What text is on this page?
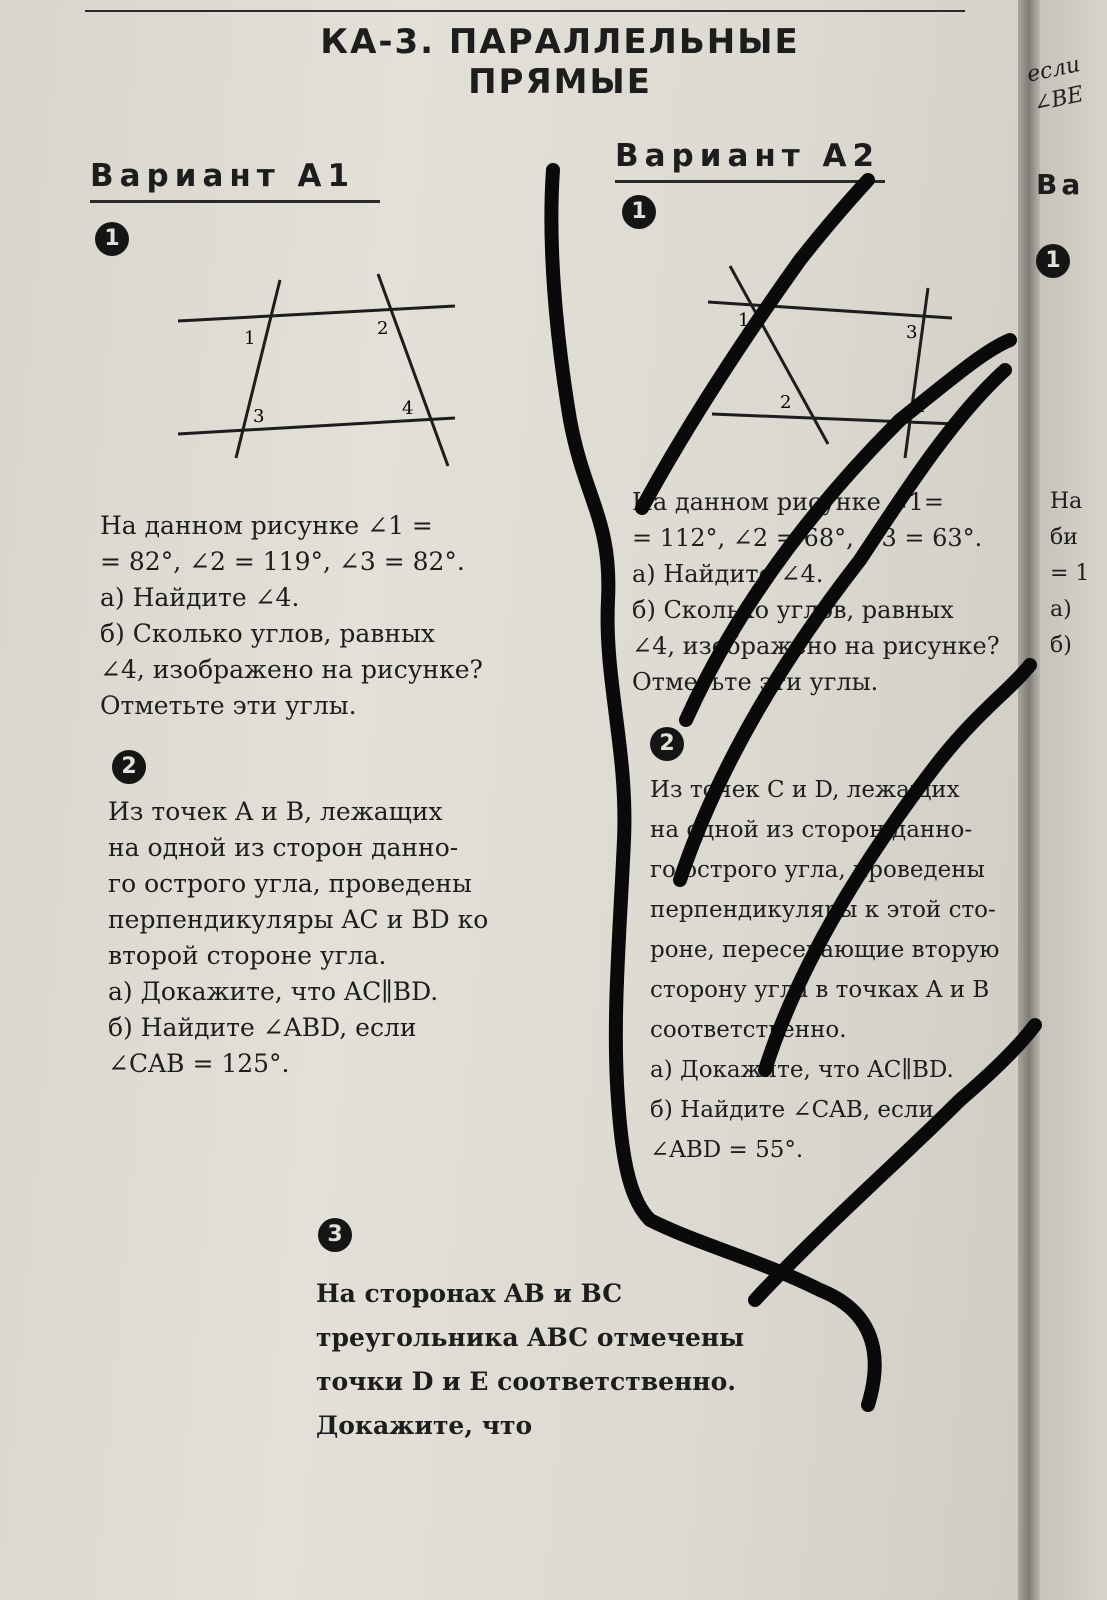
КА-3. ПАРАЛЛЕЛЬНЫЕ
ПРЯМЫЕ
Вариант А1
Вариант А2
1
1	2
3	4
На данном рисунке ∠1 =
= 82°, ∠2 = 119°, ∠3 = 82°.
а) Найдите ∠4.
б) Сколько углов, равных
∠4, изображено на рисунке?
Отметьте эти углы.
2
Из точек A и B, лежащих
на одной из сторон данно-
го острого угла, проведены
перпендикуляры AC и BD ко
второй стороне угла.
а) Докажите, что AC∥BD.
б) Найдите ∠ABD, если
∠CAB = 125°.
1
1
2
3
4
На данном рисунке ∠1=
= 112°, ∠2 = 68°, ∠3 = 63°.
а) Найдите ∠4.
б) Сколько углов, равных
∠4, изображено на рисунке?
Отметьте эти углы.
2
Из точек C и D, лежащих
на одной из сторон данно-
го острого угла, проведены
перпендикуляры к этой сто-
роне, пересекающие вторую
сторону угла в точках A и B
соответственно.
а) Докажите, что AC∥BD.
б) Найдите ∠CAB, если
∠ABD = 55°.
3
На сторонах AB и BC
треугольника ABC отмечены
точки D и E соответственно.
Докажите, что
если
∠BE
Ва
1
На
би
= 1
а)
б)
